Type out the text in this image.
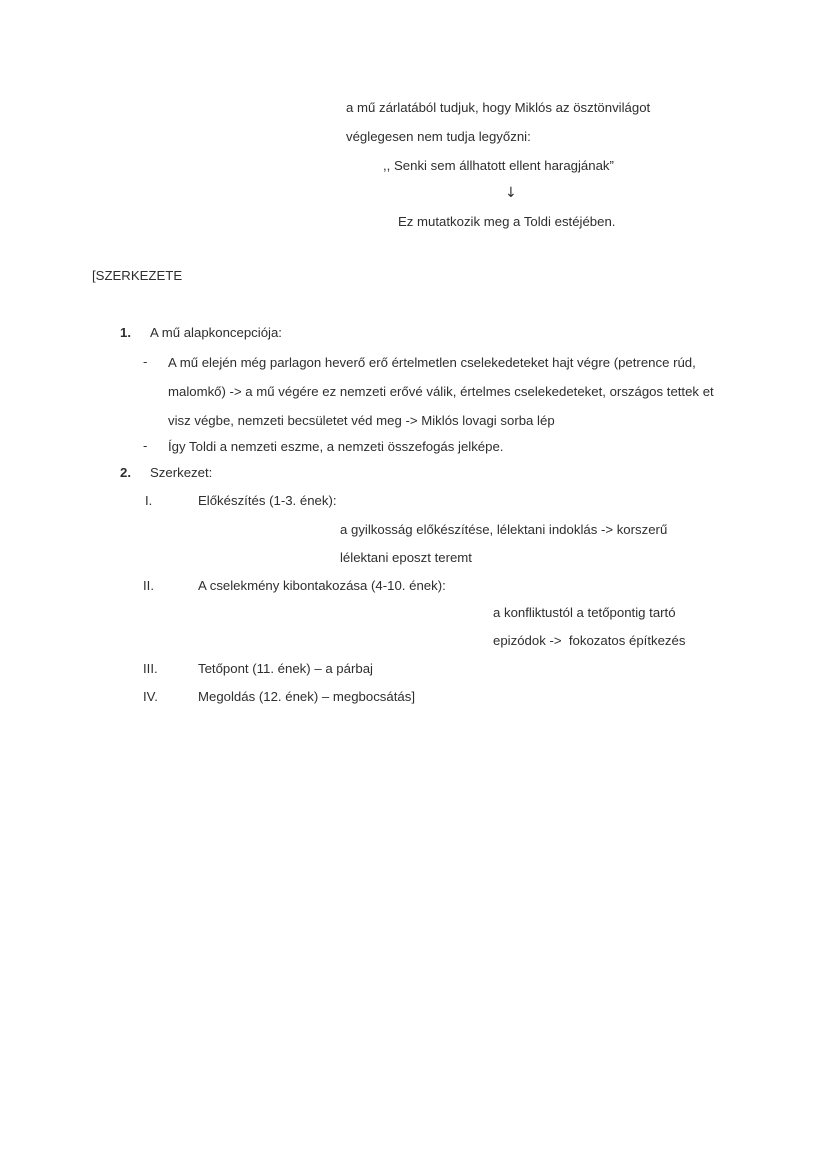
a mű zárlatából tudjuk, hogy Miklós az ösztönvilágot
véglegesen nem tudja legyőzni:
,, Senki sem állhatott ellent haragjának”
↓
Ez mutatkozik meg a Toldi estéjében.
[SZERKEZETE
1. A mű alapkoncepciója:
- A mű elején még parlagon heverő erő értelmetlen cselekedeteket hajt végre (petrence rúd, malomkő) -> a mű végére ez nemzeti erővé válik, értelmes cselekedeteket, országos tettek et visz végbe, nemzeti becsületet véd meg -> Miklós lovagi sorba lép
- Így Toldi a nemzeti eszme, a nemzeti összefogás jelképe.
2. Szerkezet:
I.	Előkészítés (1-3. ének):
a gyilkosság előkészítése, lélektani indoklás -> korszerű
lélektani eposzt teremt
II.	A cselekmény kibontakozása (4-10. ének):
a konfliktustól a tetőpontig tartó
epizódok ->  fokozatos építkezés
III.	Tetőpont (11. ének) – a párbaj
IV.	Megoldás (12. ének) – megbocsátás]
